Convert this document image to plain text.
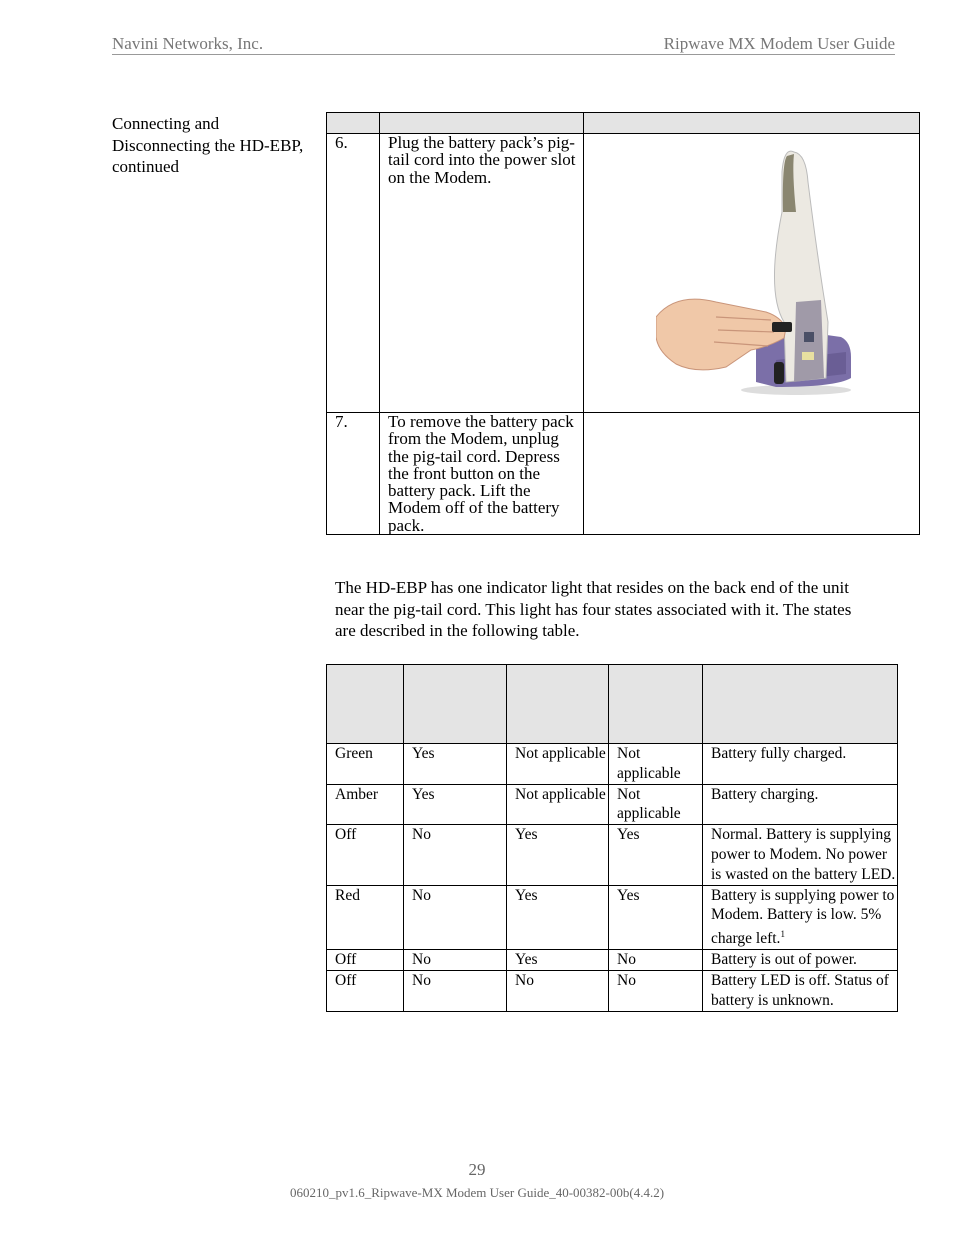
Navini Networks, Inc.	Ripwave MX Modem User Guide
Connecting and Disconnecting the HD-EBP, continued

6.	Plug the battery pack’s pig-tail cord into the power slot on the Modem.	
7.	To remove the battery pack from the Modem, unplug the pig-tail cord. Depress the front button on the battery pack. Lift the Modem off of the battery pack.	
The HD-EBP has one indicator light that resides on the back end of the unit near the pig-tail cord. This light has four states associated with it. The states are described in the following table.

Green	Yes	Not applicable	Not applicable	Battery fully charged.
Amber	Yes	Not applicable	Not applicable	Battery charging.
Off	No	Yes	Yes	Normal. Battery is supplying power to Modem. No power is wasted on the battery LED.
Red	No	Yes	Yes	Battery is supplying power to Modem. Battery is low. 5% charge left.$^1$
Off	No	Yes	No	Battery is out of power.
Off	No	No	No	Battery LED is off. Status of battery is unknown.
29
060210_pv1.6_Ripwave-MX Modem User Guide_40-00382-00b(4.4.2)
